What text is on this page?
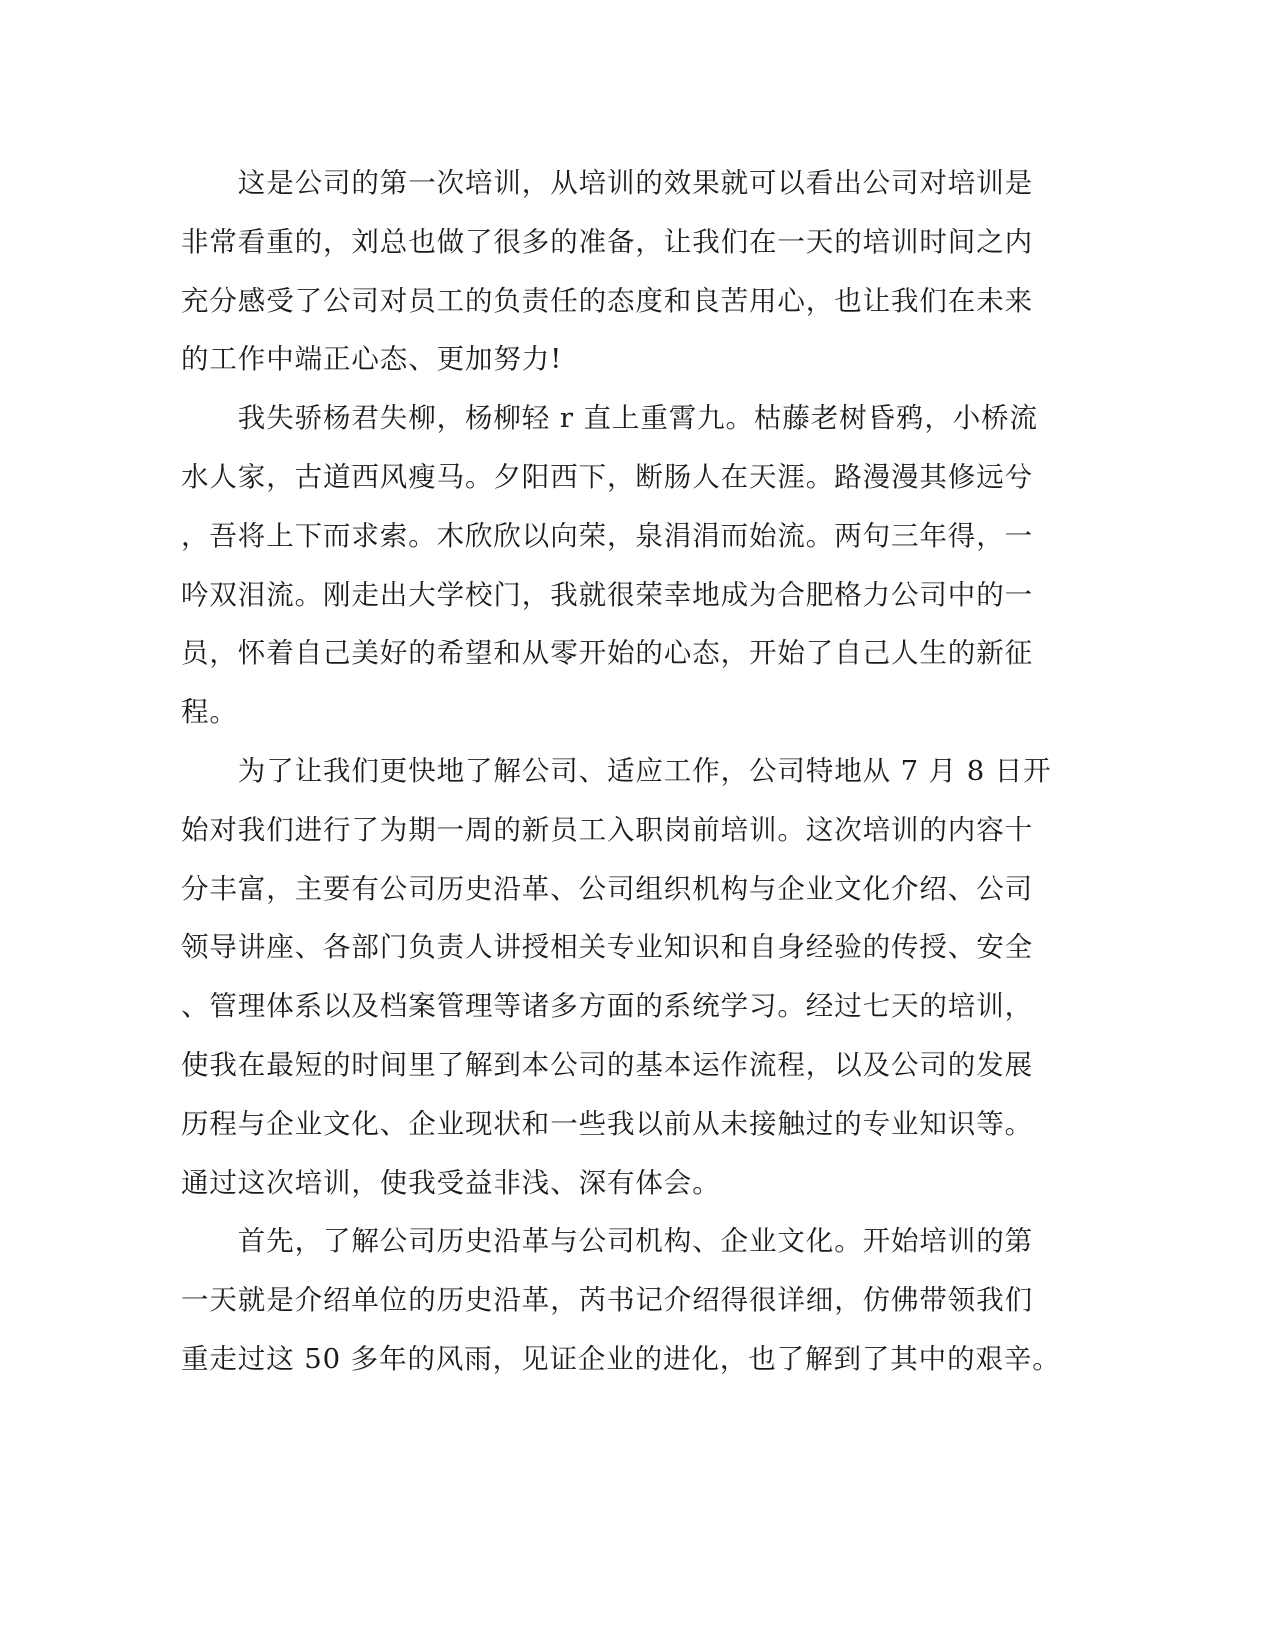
　　这是公司的第一次培训，从培训的效果就可以看出公司对培训是
非常看重的，刘总也做了很多的准备，让我们在一天的培训时间之内
充分感受了公司对员工的负责任的态度和良苦用心，也让我们在未来
的工作中端正心态、更加努力!
　　我失骄杨君失柳，杨柳轻 r 直上重霄九。枯藤老树昏鸦，小桥流
水人家，古道西风瘦马。夕阳西下，断肠人在天涯。路漫漫其修远兮
，吾将上下而求索。木欣欣以向荣，泉涓涓而始流。两句三年得，一
吟双泪流。刚走出大学校门，我就很荣幸地成为合肥格力公司中的一
员，怀着自己美好的希望和从零开始的心态，开始了自己人生的新征
程。
　　为了让我们更快地了解公司、适应工作，公司特地从 7 月 8 日开
始对我们进行了为期一周的新员工入职岗前培训。这次培训的内容十
分丰富，主要有公司历史沿革、公司组织机构与企业文化介绍、公司
领导讲座、各部门负责人讲授相关专业知识和自身经验的传授、安全
、管理体系以及档案管理等诸多方面的系统学习。经过七天的培训，
使我在最短的时间里了解到本公司的基本运作流程，以及公司的发展
历程与企业文化、企业现状和一些我以前从未接触过的专业知识等。
通过这次培训，使我受益非浅、深有体会。
　　首先，了解公司历史沿革与公司机构、企业文化。开始培训的第
一天就是介绍单位的历史沿革，芮书记介绍得很详细，仿佛带领我们
重走过这 50 多年的风雨，见证企业的进化，也了解到了其中的艰辛。
